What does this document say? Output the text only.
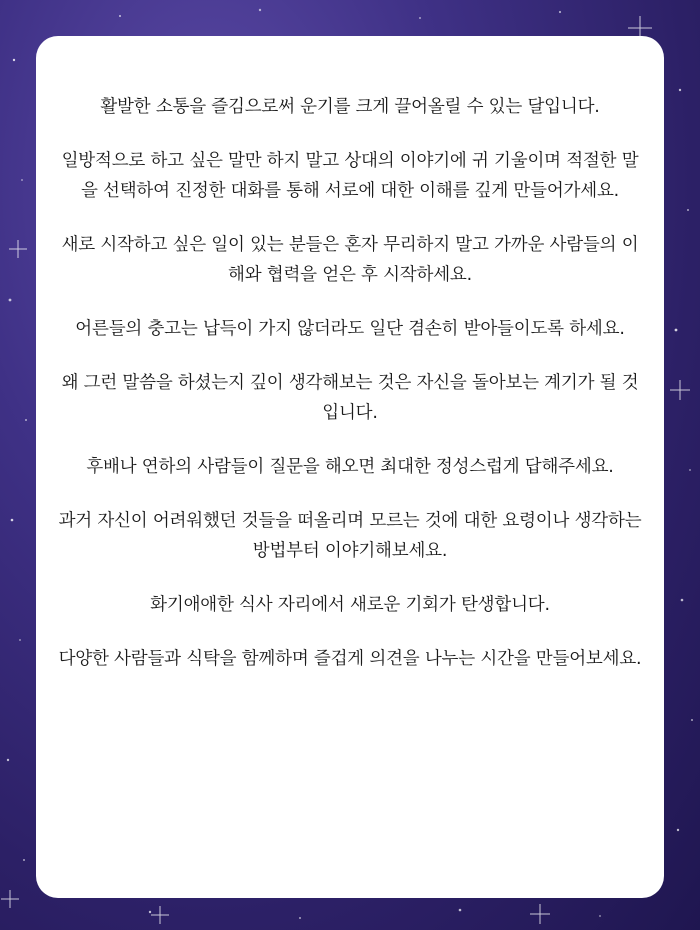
활발한 소통을 즐김으로써 운기를 크게 끌어올릴 수 있는 달입니다.

일방적으로 하고 싶은 말만 하지 말고 상대의 이야기에 귀 기울이며 적절한 말을 선택하여 진정한 대화를 통해 서로에 대한 이해를 깊게 만들어가세요.

새로 시작하고 싶은 일이 있는 분들은 혼자 무리하지 말고 가까운 사람들의 이해와 협력을 얻은 후 시작하세요.

어른들의 충고는 납득이 가지 않더라도 일단 겸손히 받아들이도록 하세요.

왜 그런 말씀을 하셨는지 깊이 생각해보는 것은 자신을 돌아보는 계기가 될 것입니다.

후배나 연하의 사람들이 질문을 해오면 최대한 정성스럽게 답해주세요.

과거 자신이 어려워했던 것들을 떠올리며 모르는 것에 대한 요령이나 생각하는 방법부터 이야기해보세요.

화기애애한 식사 자리에서 새로운 기회가 탄생합니다.

다양한 사람들과 식탁을 함께하며 즐겁게 의견을 나누는 시간을 만들어보세요.
